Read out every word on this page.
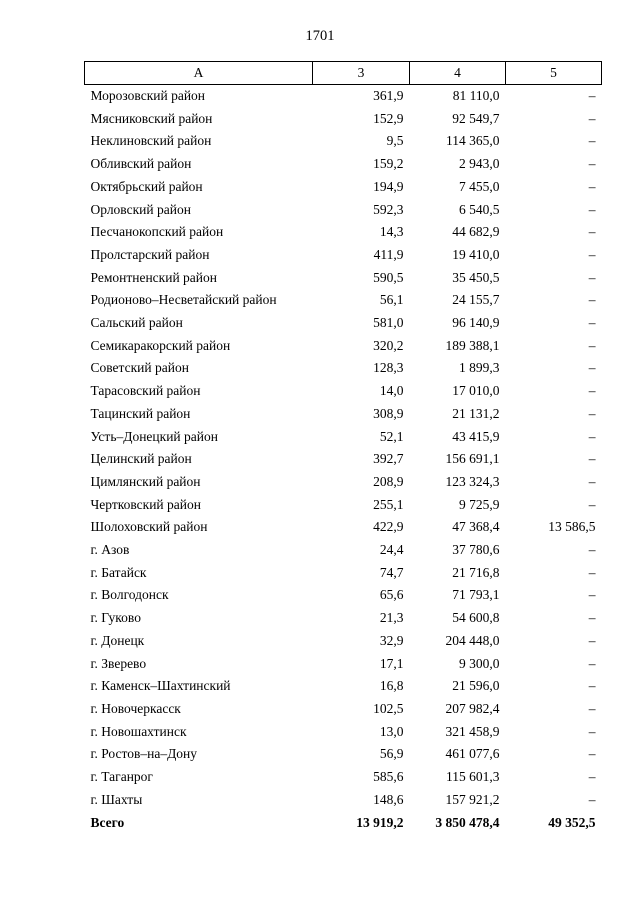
1701
А	3	4	5
Морозовский район	361,9	81 110,0	–
Мясниковский район	152,9	92 549,7	–
Неклиновский район	9,5	114 365,0	–
Обливский район	159,2	2 943,0	–
Октябрьский район	194,9	7 455,0	–
Орловский район	592,3	6 540,5	–
Песчанокопский район	14,3	44 682,9	–
Пролстарский район	411,9	19 410,0	–
Ремонтненский район	590,5	35 450,5	–
Родионово–Несветайский район	56,1	24 155,7	–
Сальский район	581,0	96 140,9	–
Семикаракорский район	320,2	189 388,1	–
Советский район	128,3	1 899,3	–
Тарасовский район	14,0	17 010,0	–
Тацинский район	308,9	21 131,2	–
Усть–Донецкий район	52,1	43 415,9	–
Целинский район	392,7	156 691,1	–
Цимлянский район	208,9	123 324,3	–
Чертковский район	255,1	9 725,9	–
Шолоховский район	422,9	47 368,4	13 586,5
г. Азов	24,4	37 780,6	–
г. Батайск	74,7	21 716,8	–
г. Волгодонск	65,6	71 793,1	–
г. Гуково	21,3	54 600,8	–
г. Донецк	32,9	204 448,0	–
г. Зверево	17,1	9 300,0	–
г. Каменск–Шахтинский	16,8	21 596,0	–
г. Новочеркасск	102,5	207 982,4	–
г. Новошахтинск	13,0	321 458,9	–
г. Ростов–на–Дону	56,9	461 077,6	–
г. Таганрог	585,6	115 601,3	–
г. Шахты	148,6	157 921,2	–
Всего	13 919,2	3 850 478,4	49 352,5
